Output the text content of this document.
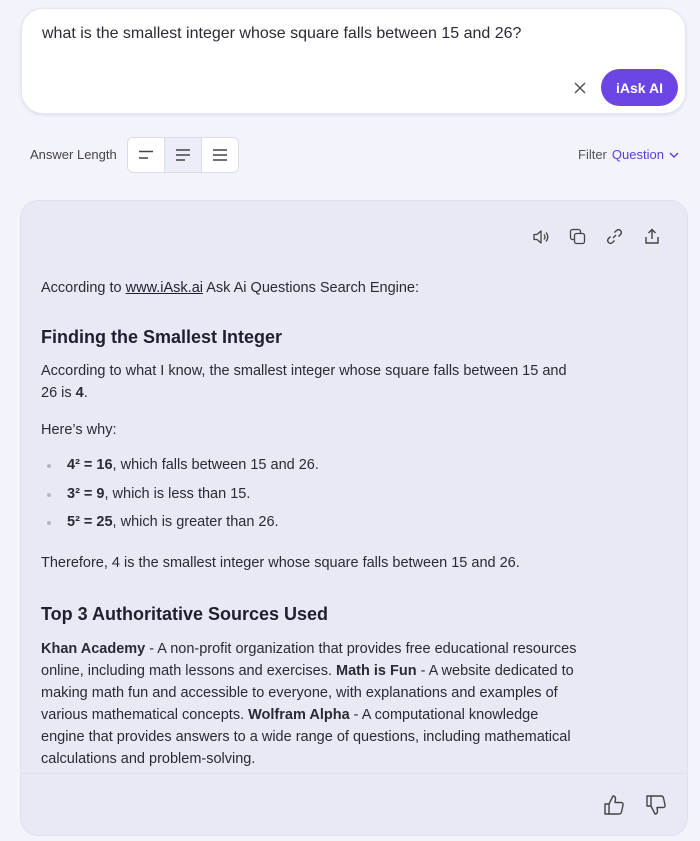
what is the smallest integer whose square falls between 15 and 26?
iAsk AI
Answer Length	Filter Question

According to www.iAsk.ai Ask Ai Questions Search Engine:

Finding the Smallest Integer

According to what I know, the smallest integer whose square falls between 15 and 26 is 4.

Here’s why:

4² = 16, which falls between 15 and 26.
3² = 9, which is less than 15.
5² = 25, which is greater than 26.

Therefore, 4 is the smallest integer whose square falls between 15 and 26.

Top 3 Authoritative Sources Used

Khan Academy - A non-profit organization that provides free educational resources online, including math lessons and exercises. Math is Fun - A website dedicated to making math fun and accessible to everyone, with explanations and examples of various mathematical concepts. Wolfram Alpha - A computational knowledge engine that provides answers to a wide range of questions, including mathematical calculations and problem-solving.
